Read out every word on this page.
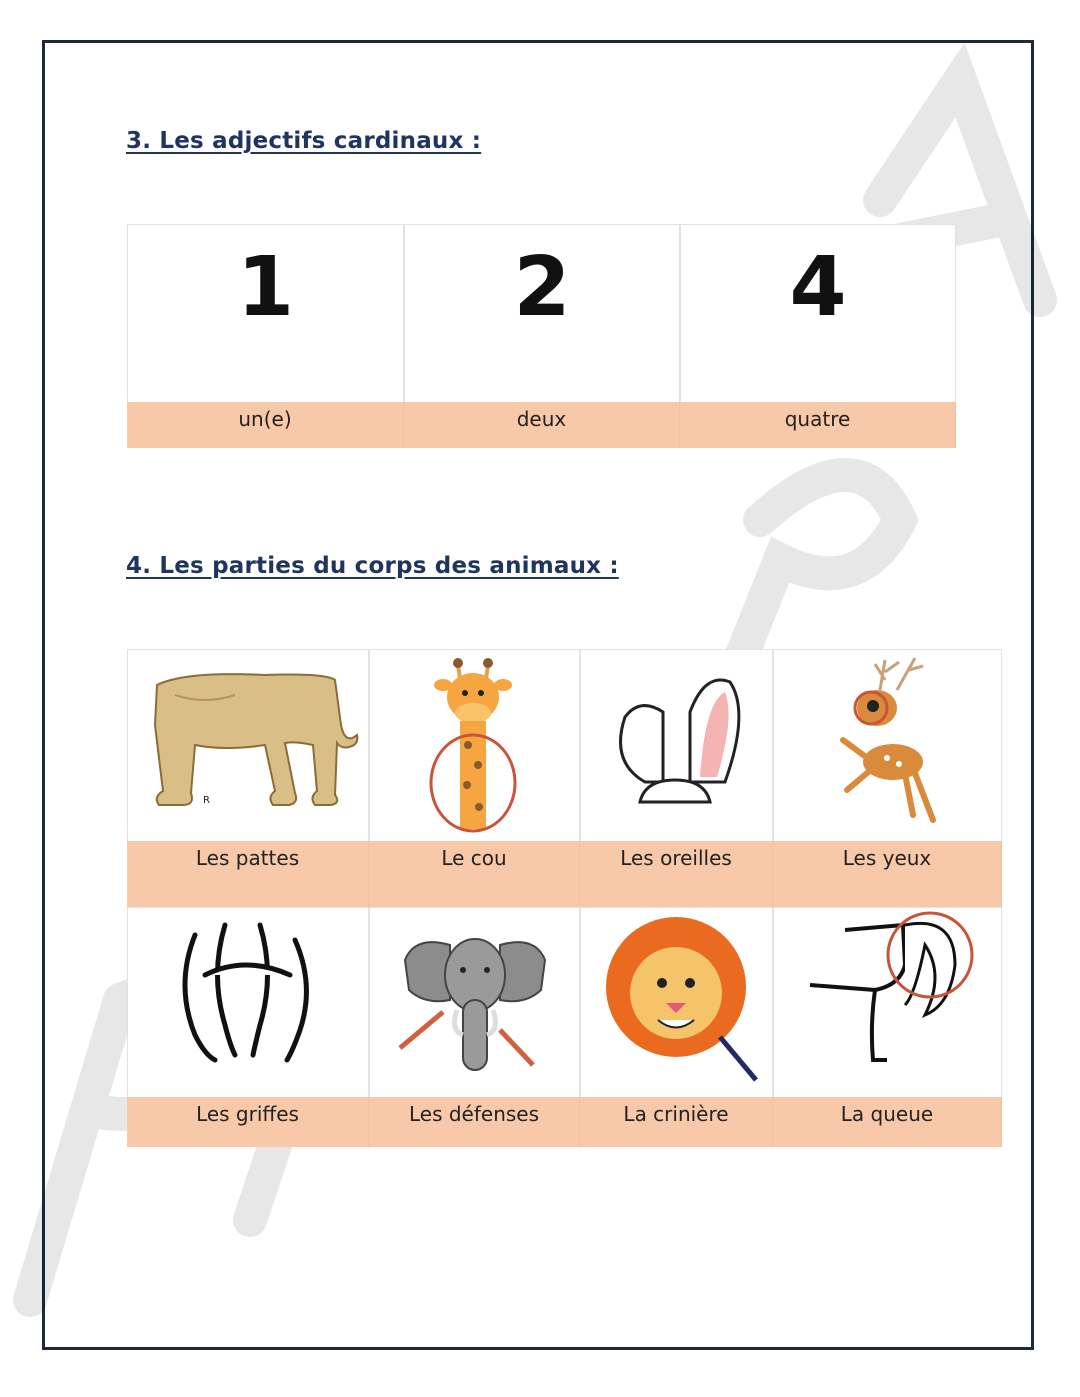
3. Les adjectifs cardinaux :
1	2	4
un(e)	deux	quatre
4. Les parties du corps des animaux :
R
Les pattes	Le cou	Les oreilles	Les yeux
Les griffes	Les défenses	La crinière	La queue
